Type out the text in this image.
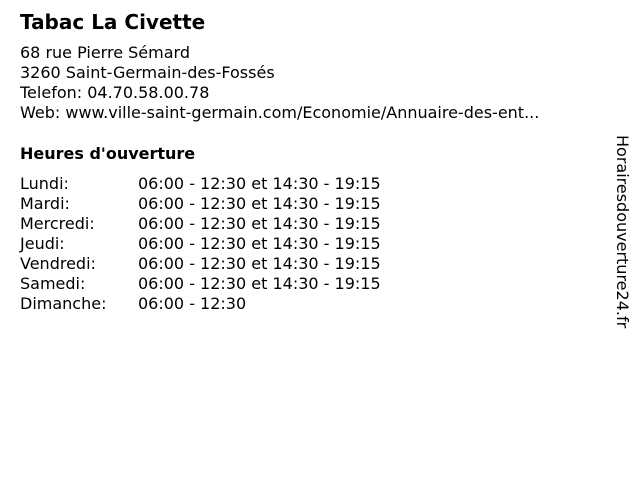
Tabac La Civette
68 rue Pierre Sémard
3260 Saint-Germain-des-Fossés
Telefon: 04.70.58.00.78
Web: www.ville-saint-germain.com/Economie/Annuaire-des-ent...
Heures d'ouverture
Lundi:	06:00 - 12:30 et 14:30 - 19:15
Mardi:	06:00 - 12:30 et 14:30 - 19:15
Mercredi:	06:00 - 12:30 et 14:30 - 19:15
Jeudi:	06:00 - 12:30 et 14:30 - 19:15
Vendredi:	06:00 - 12:30 et 14:30 - 19:15
Samedi:	06:00 - 12:30 et 14:30 - 19:15
Dimanche:	06:00 - 12:30	Horairesdouverture24.fr
